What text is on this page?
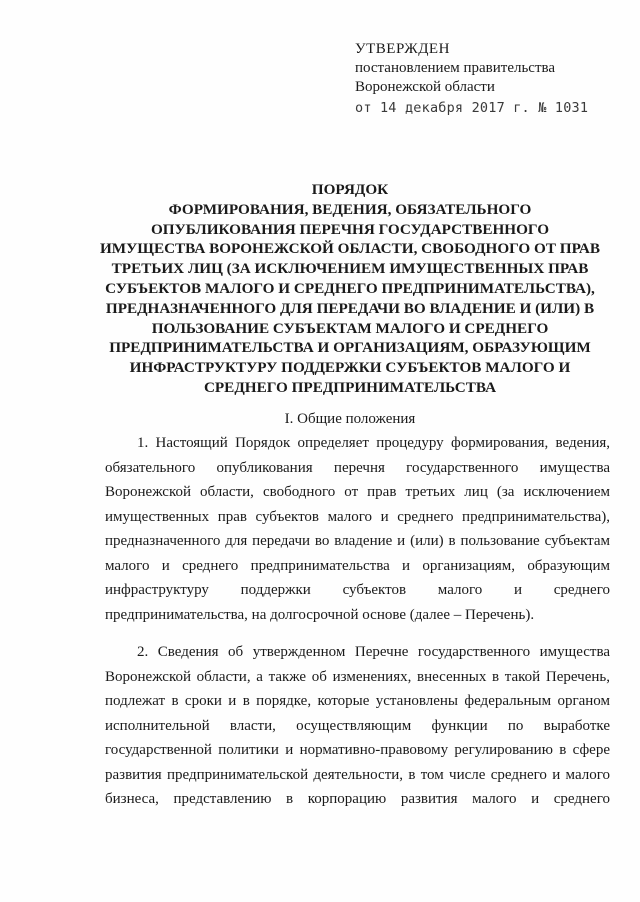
УТВЕРЖДЕН
постановлением правительства
Воронежской области
от 14 декабря 2017 г. № 1031
ПОРЯДОК
ФОРМИРОВАНИЯ, ВЕДЕНИЯ, ОБЯЗАТЕЛЬНОГО
ОПУБЛИКОВАНИЯ ПЕРЕЧНЯ ГОСУДАРСТВЕННОГО
ИМУЩЕСТВА ВОРОНЕЖСКОЙ ОБЛАСТИ, СВОБОДНОГО ОТ ПРАВ
ТРЕТЬИХ ЛИЦ (ЗА ИСКЛЮЧЕНИЕМ ИМУЩЕСТВЕННЫХ ПРАВ
СУБЪЕКТОВ МАЛОГО И СРЕДНЕГО ПРЕДПРИНИМАТЕЛЬСТВА),
ПРЕДНАЗНАЧЕННОГО ДЛЯ ПЕРЕДАЧИ ВО ВЛАДЕНИЕ И (ИЛИ) В
ПОЛЬЗОВАНИЕ СУБЪЕКТАМ МАЛОГО И СРЕДНЕГО
ПРЕДПРИНИМАТЕЛЬСТВА И ОРГАНИЗАЦИЯМ, ОБРАЗУЮЩИМ
ИНФРАСТРУКТУРУ ПОДДЕРЖКИ СУБЪЕКТОВ МАЛОГО И
СРЕДНЕГО ПРЕДПРИНИМАТЕЛЬСТВА
I. Общие положения
1. Настоящий Порядок определяет процедуру формирования, ведения,
обязательного опубликования перечня государственного имущества
Воронежской области, свободного от прав третьих лиц (за исключением
имущественных прав субъектов малого и среднего предпринимательства),
предназначенного для передачи во владение и (или) в пользование субъектам
малого и среднего предпринимательства и организациям, образующим
инфраструктуру поддержки субъектов малого и среднего
предпринимательства, на долгосрочной основе (далее – Перечень).
2. Сведения об утвержденном Перечне государственного имущества
Воронежской области, а также об изменениях, внесенных в такой Перечень,
подлежат в сроки и в порядке, которые установлены федеральным органом
исполнительной власти, осуществляющим функции по выработке
государственной политики и нормативно-правовому регулированию в сфере
развития предпринимательской деятельности, в том числе среднего и малого
бизнеса, представлению в корпорацию развития малого и среднего
